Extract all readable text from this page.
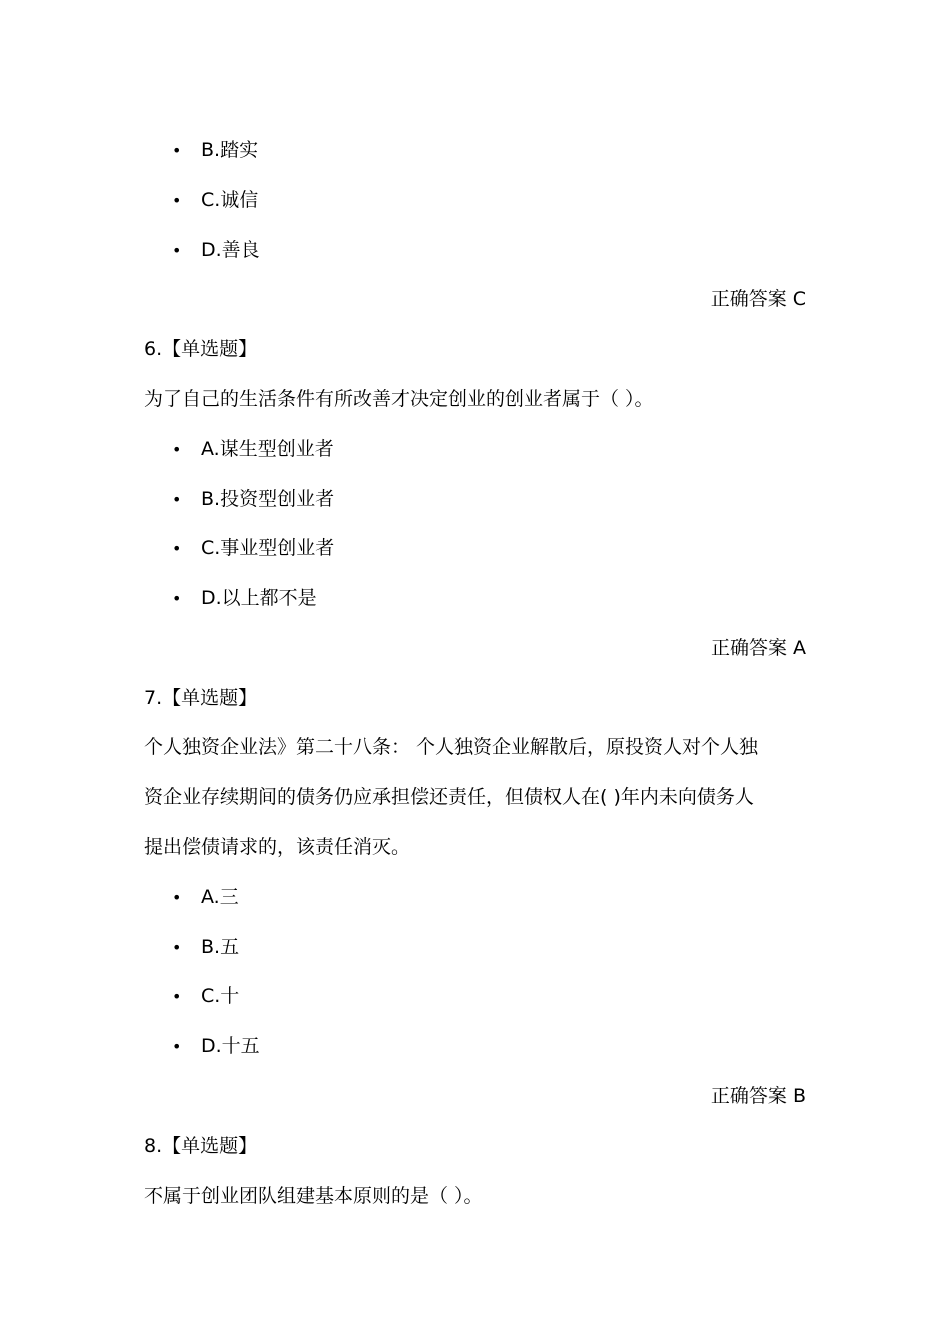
• B.踏实
• C.诚信
• D.善良
正确答案 C
6.【单选题】
为了自己的生活条件有所改善才决定创业的创业者属于（ ）。
• A.谋生型创业者
• B.投资型创业者
• C.事业型创业者
• D.以上都不是
正确答案 A
7.【单选题】
个人独资企业法》第二十八条： 个人独资企业解散后，原投资人对个人独
资企业存续期间的债务仍应承担偿还责任，但债权人在( )年内未向债务人
提出偿债请求的，该责任消灭。
• A.三
• B.五
• C.十
• D.十五
正确答案 B
8.【单选题】
不属于创业团队组建基本原则的是（ ）。
